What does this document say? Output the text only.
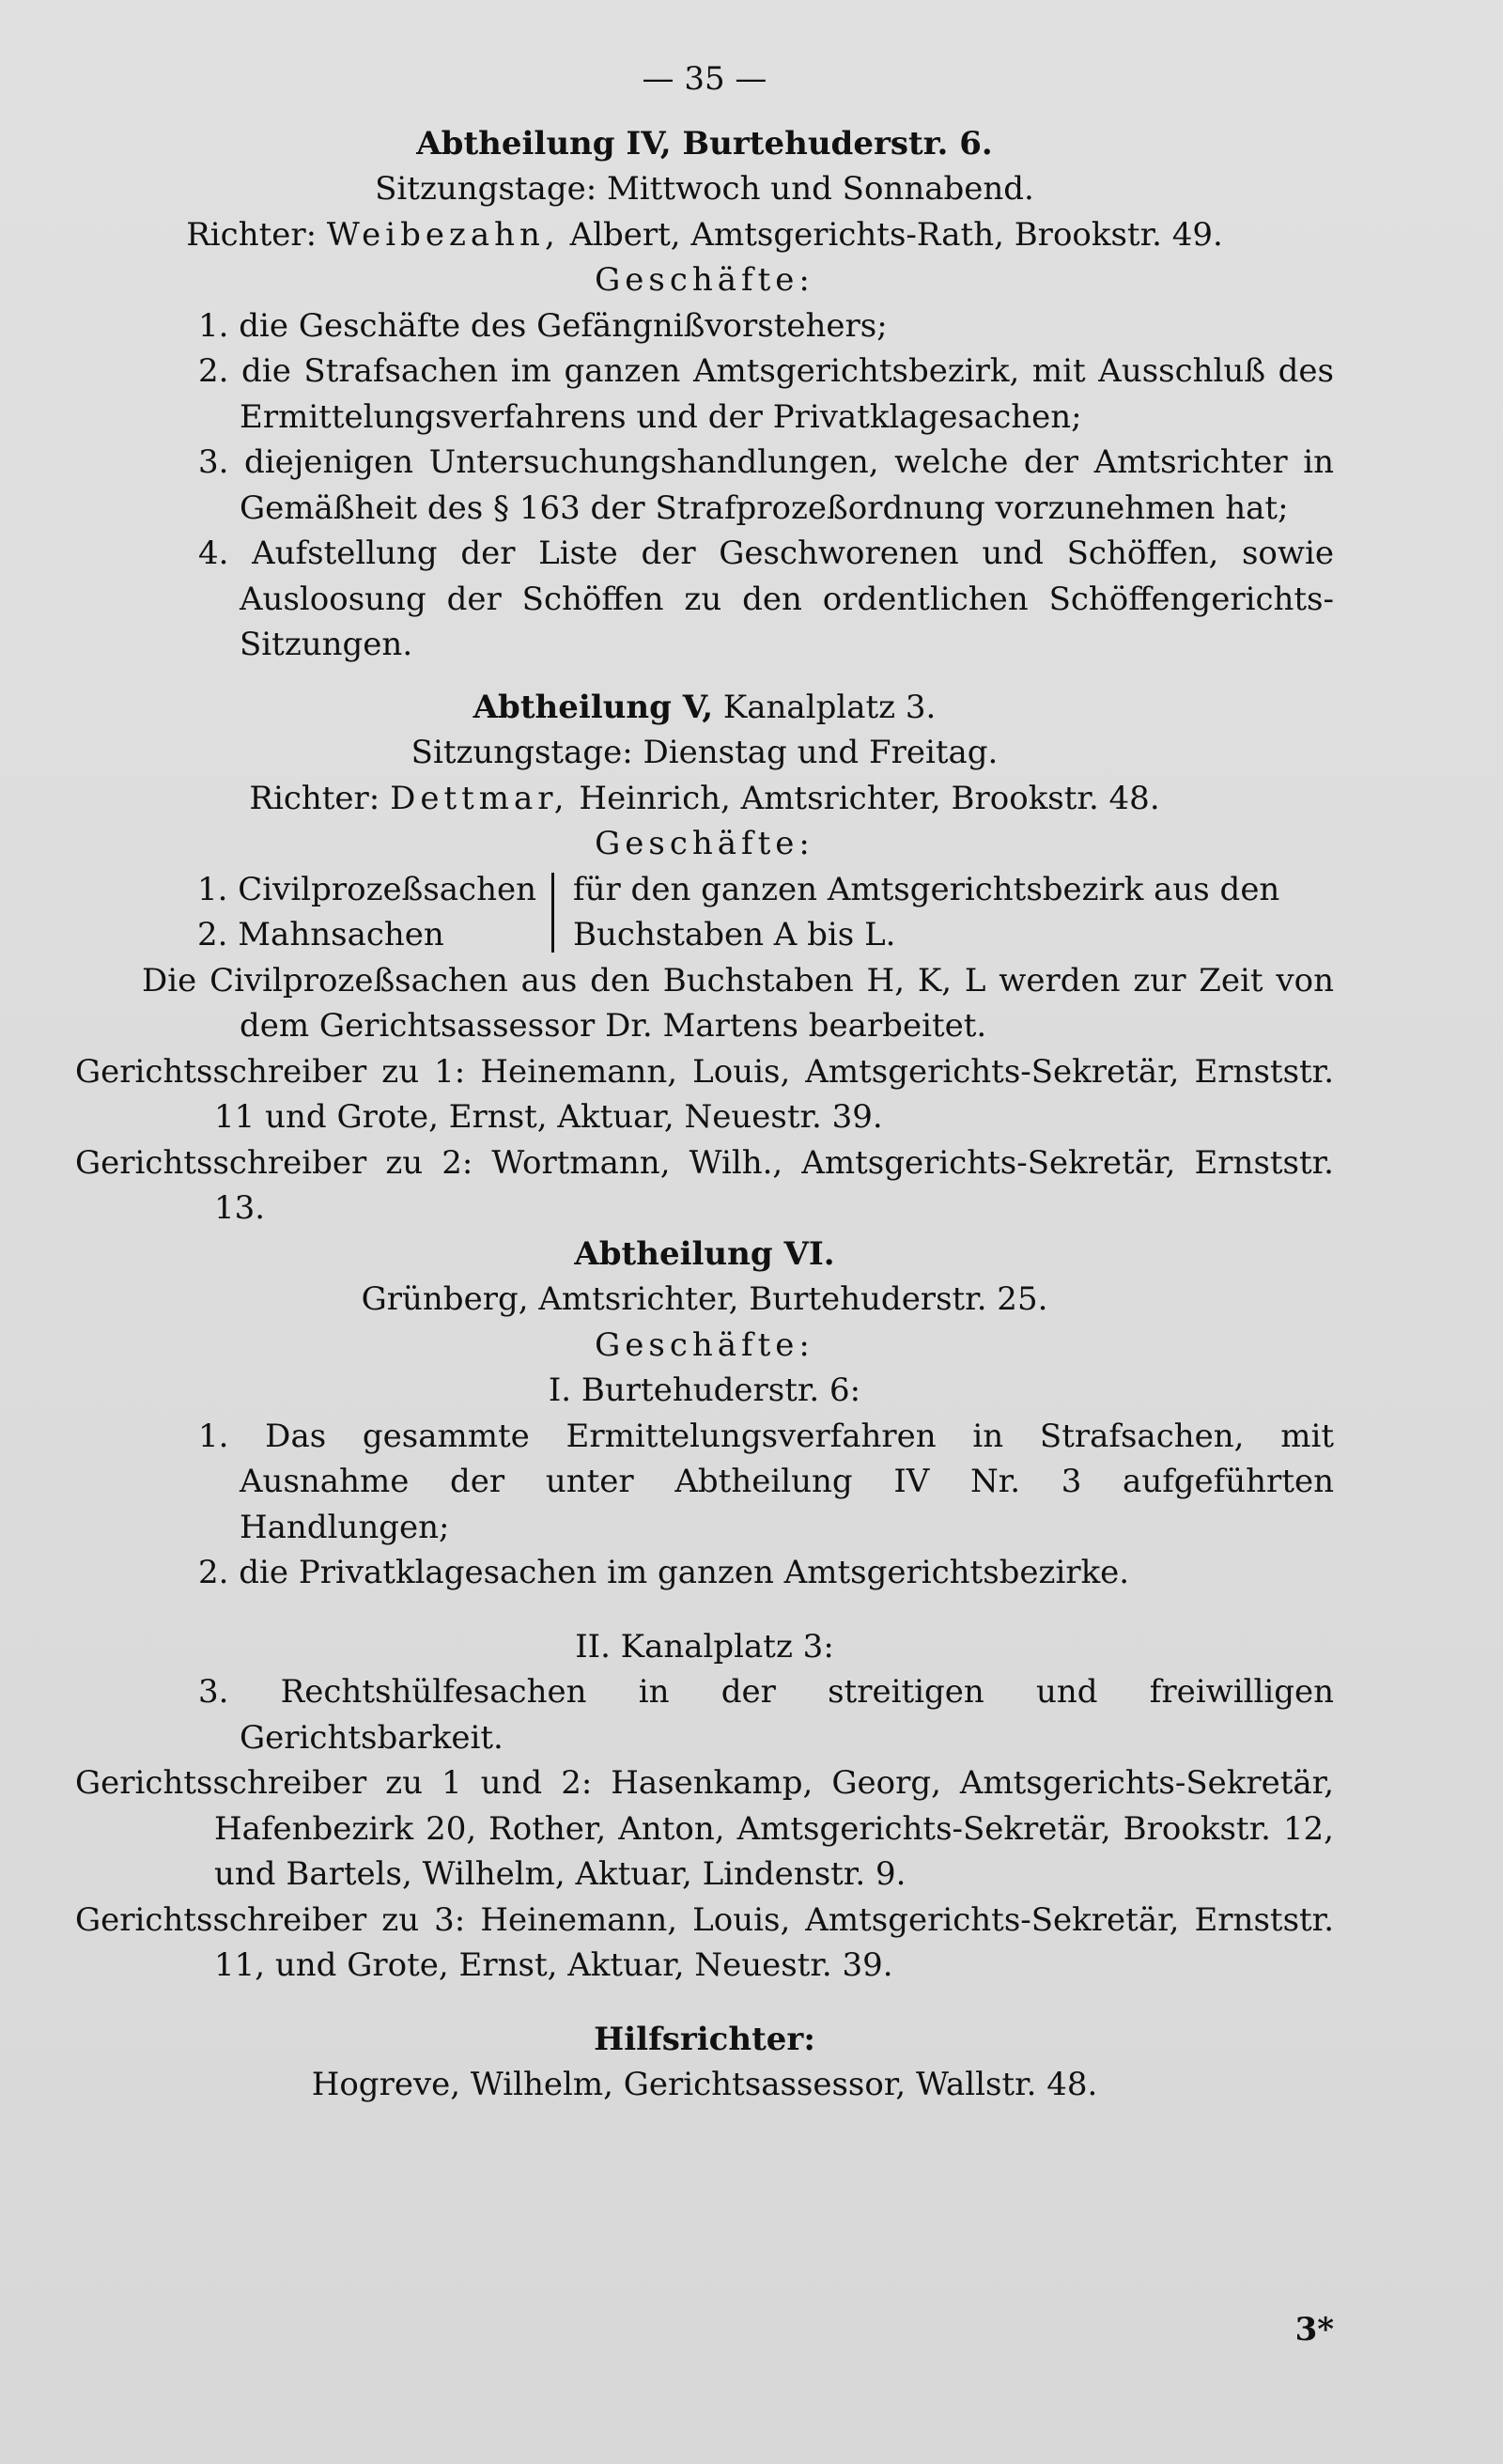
— 35 —
Abtheilung IV, Burtehuderstr. 6.
Sitzungstage: Mittwoch und Sonnabend.
Richter: Weibezahn, Albert, Amtsgerichts-Rath, Brookstr. 49.
Geschäfte:
1. die Geschäfte des Gefängnißvorstehers;
2. die Strafsachen im ganzen Amtsgerichtsbezirk, mit Ausschluß des Ermittelungsverfahrens und der Privatklagesachen;
3. diejenigen Untersuchungshandlungen, welche der Amtsrichter in Gemäßheit des § 163 der Strafprozeßordnung vorzunehmen hat;
4. Aufstellung der Liste der Geschworenen und Schöffen, sowie Ausloosung der Schöffen zu den ordentlichen Schöffengerichts-Sitzungen.
Abtheilung V, Kanalplatz 3.
Sitzungstage: Dienstag und Freitag.
Richter: Dettmar, Heinrich, Amtsrichter, Brookstr. 48.
Geschäfte:
1. Civilprozeßsachen
2. Mahnsachen
für den ganzen Amtsgerichtsbezirk aus den Buchstaben A bis L.
Die Civilprozeßsachen aus den Buchstaben H, K, L werden zur Zeit von dem Gerichtsassessor Dr. Martens bearbeitet.
Gerichtsschreiber zu 1: Heinemann, Louis, Amtsgerichts-Sekretär, Ernststr. 11 und Grote, Ernst, Aktuar, Neuestr. 39.
Gerichtsschreiber zu 2: Wortmann, Wilh., Amtsgerichts-Sekretär, Ernststr. 13.
Abtheilung VI.
Grünberg, Amtsrichter, Burtehuderstr. 25.
Geschäfte:
I. Burtehuderstr. 6:
1. Das gesammte Ermittelungsverfahren in Strafsachen, mit Ausnahme der unter Abtheilung IV Nr. 3 aufgeführten Handlungen;
2. die Privatklagesachen im ganzen Amtsgerichtsbezirke.
II. Kanalplatz 3:
3. Rechtshülfesachen in der streitigen und freiwilligen Gerichtsbarkeit.
Gerichtsschreiber zu 1 und 2: Hasenkamp, Georg, Amtsgerichts-Sekretär, Hafenbezirk 20, Rother, Anton, Amtsgerichts-Sekretär, Brookstr. 12, und Bartels, Wilhelm, Aktuar, Lindenstr. 9.
Gerichtsschreiber zu 3: Heinemann, Louis, Amtsgerichts-Sekretär, Ernststr. 11, und Grote, Ernst, Aktuar, Neuestr. 39.
Hilfsrichter:
Hogreve, Wilhelm, Gerichtsassessor, Wallstr. 48.
3*
